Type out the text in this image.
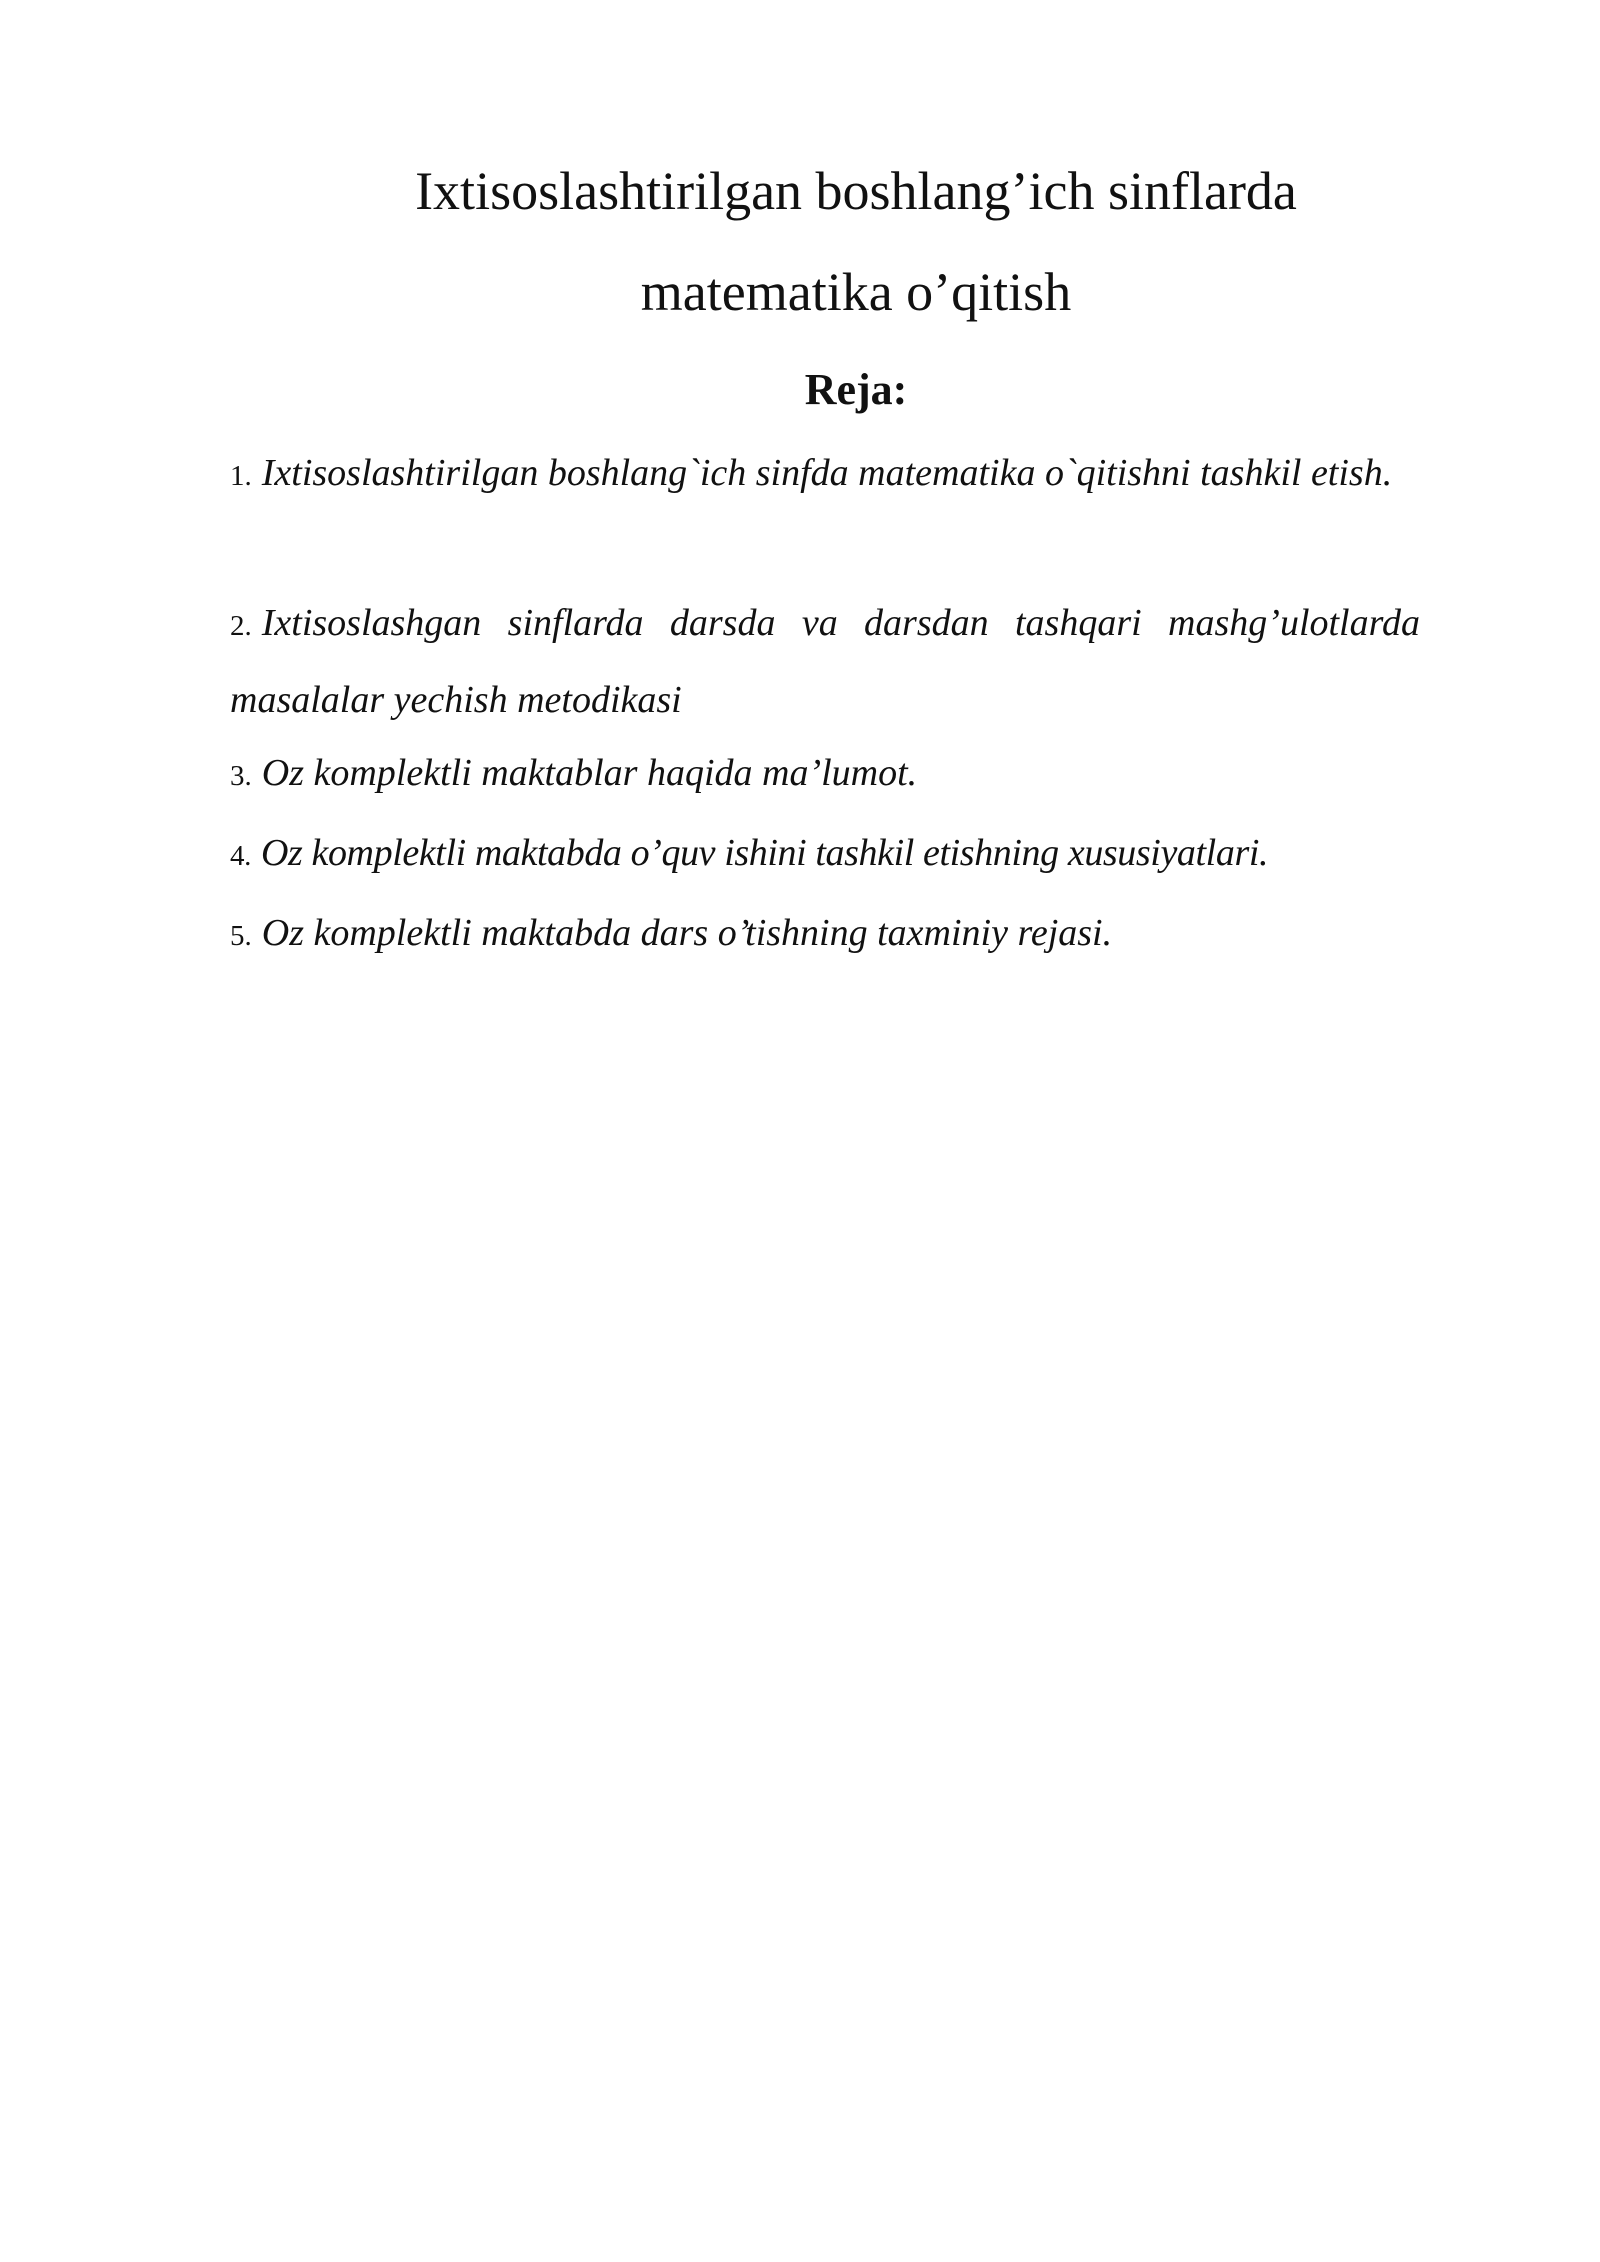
Ixtisoslashtirilgan boshlang’ich sinflarda
matematika o’qitish
Reja:
1. Ixtisoslashtirilgan boshlang`ich sinfda matematika o`qitishni tashkil etish.
2. Ixtisoslashgan sinflarda darsda va darsdan tashqari mashg’ulotlarda masalalar yechish metodikasi
3. Oz komplektli maktablar haqida ma’lumot.
4. Oz komplektli maktabda o’quv ishini tashkil etishning xususiyatlari.
5. Oz komplektli maktabda dars o’tishning taxminiy rejasi.
